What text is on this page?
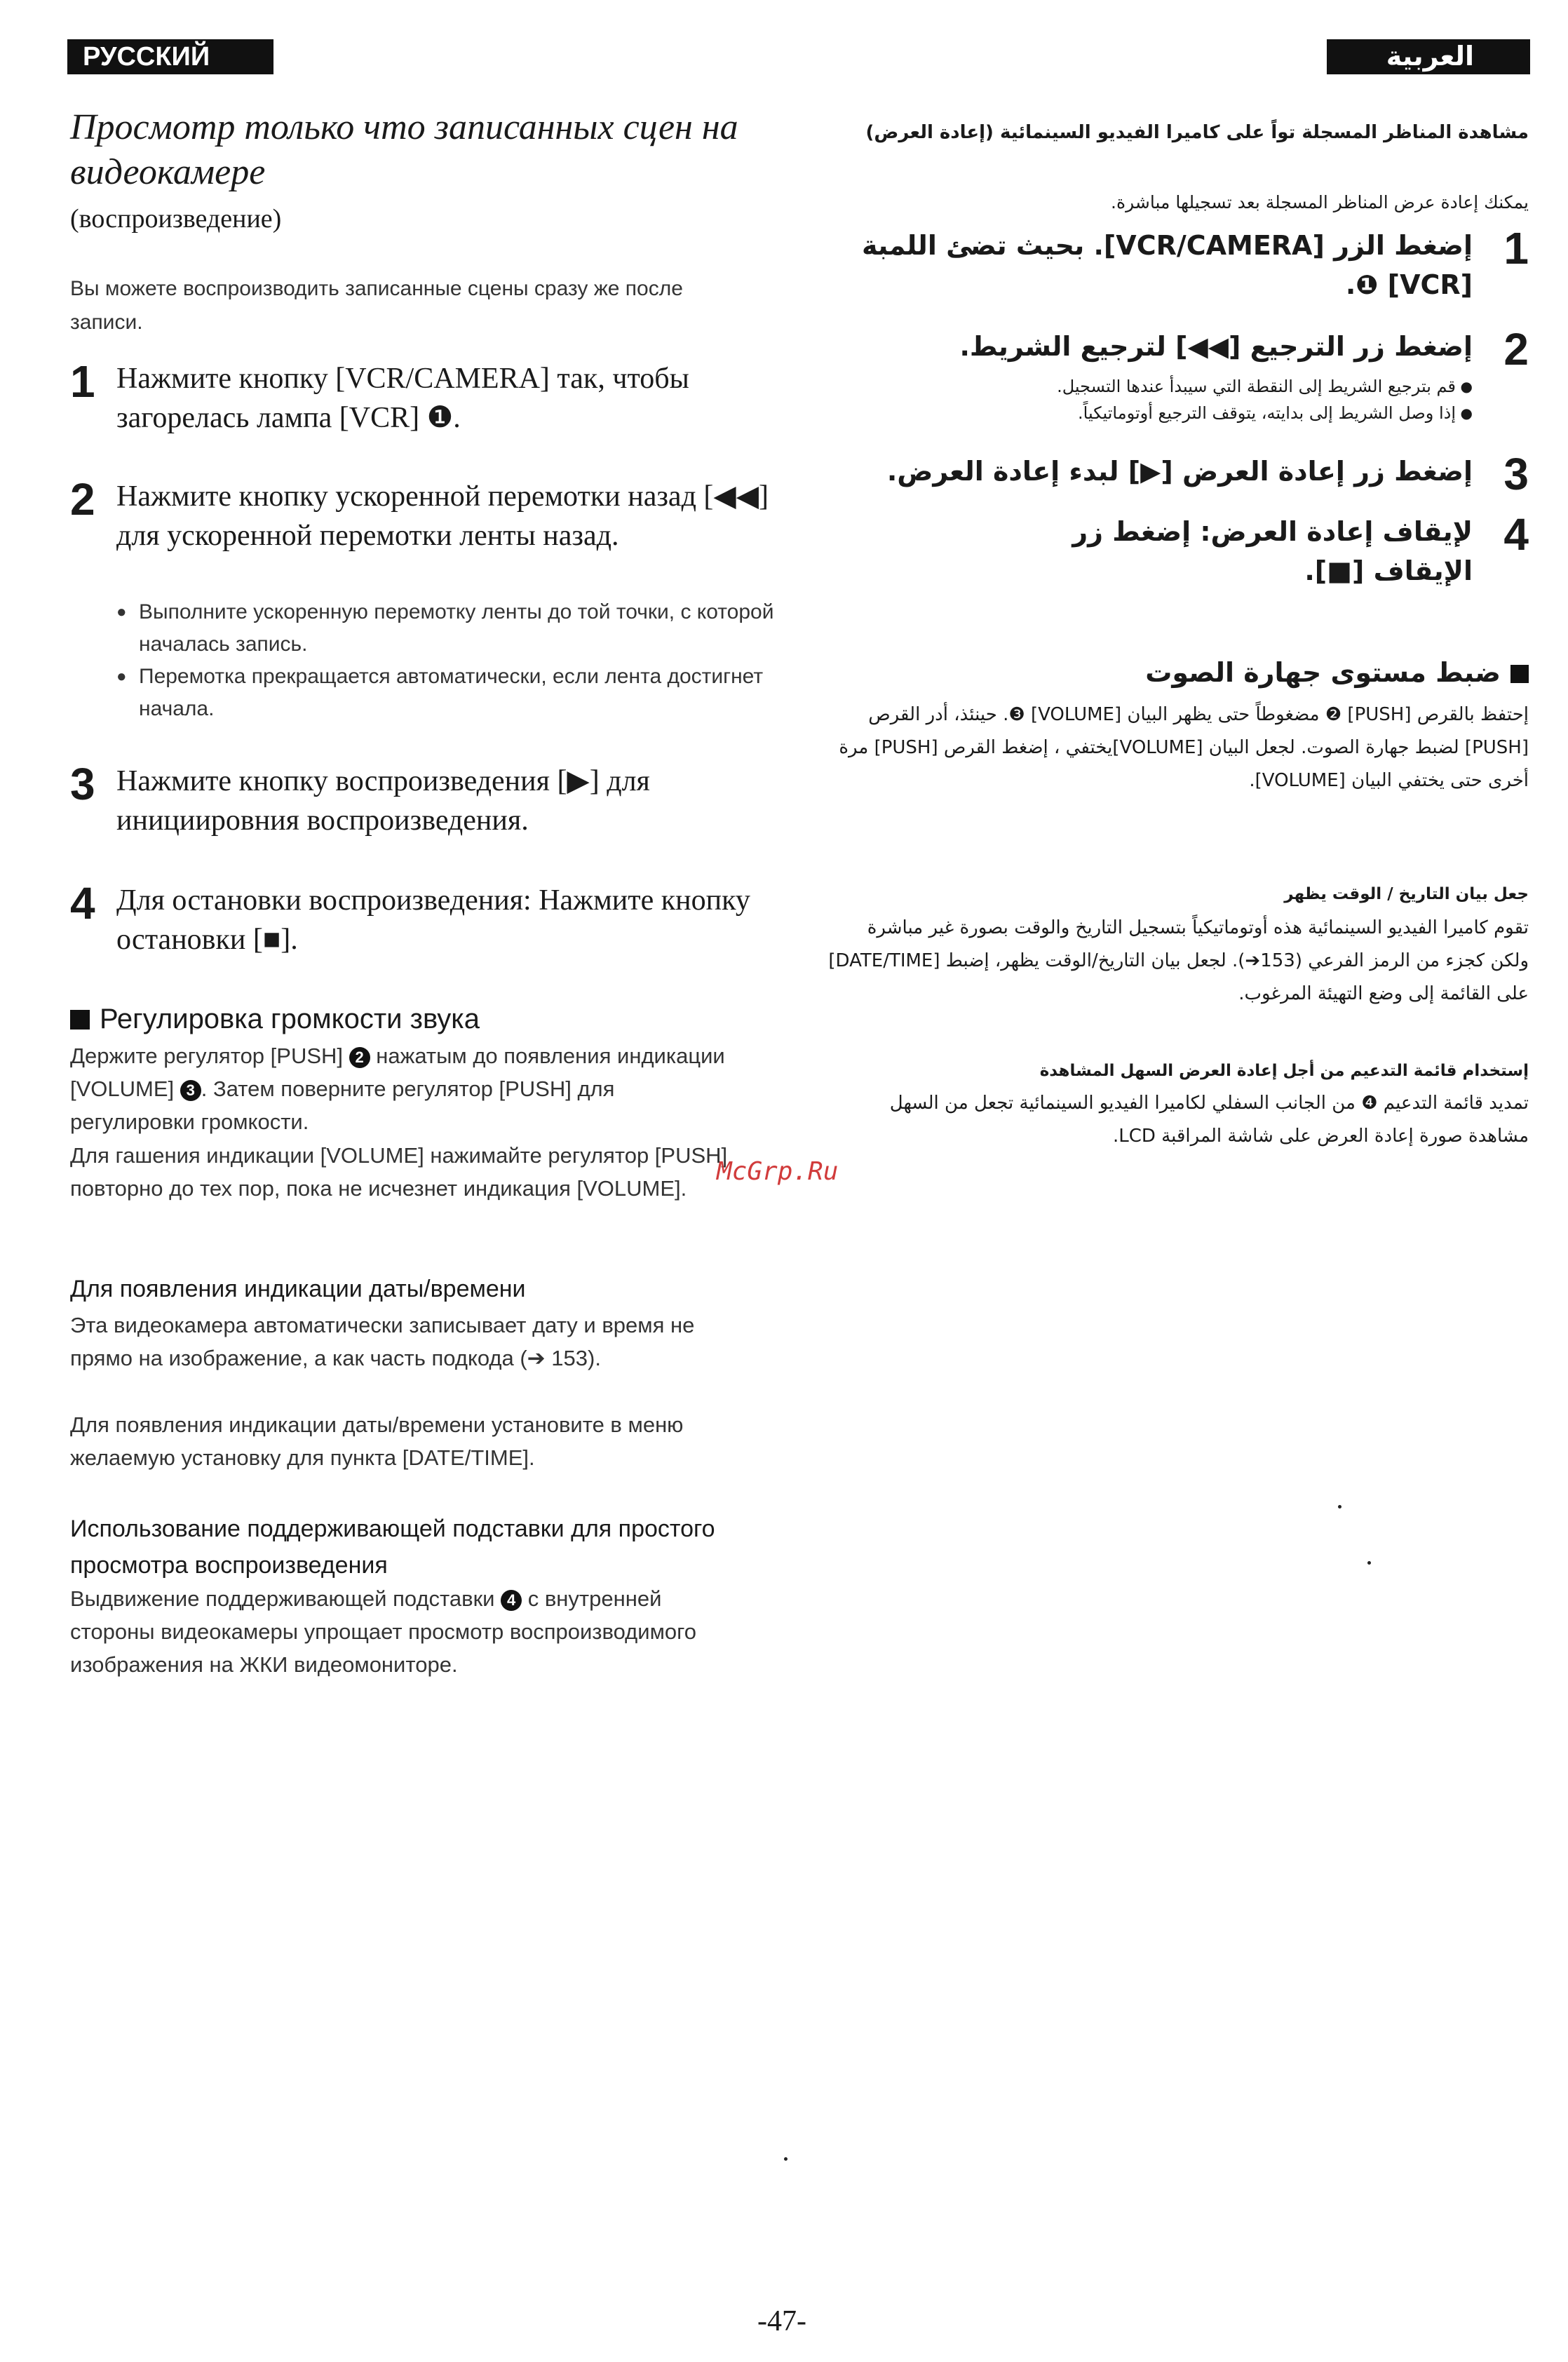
РУССКИЙ ЯЗЫК
العربية
Просмотр только что записанных сцен на видеокамере
(воспроизведение)
Вы можете воспроизводить записанные сцены сразу же после записи.
1 Нажмите кнопку [VCR/CAMERA] так, чтобы загорелась лампа [VCR] ❶.
2 Нажмите кнопку ускоренной перемотки назад [◀◀] для ускоренной перемотки ленты назад.
● Выполните ускоренную перемотку ленты до той точки, с которой началась запись.
● Перемотка прекращается автоматически, если лента достигнет начала.
3 Нажмите кнопку воспроизведения [▶] для инициировния воспроизведения.
4 Для остановки воспроизведения: Нажмите кнопку остановки [■].
Регулировка громкости звука
Держите регулятор [PUSH] 2 нажатым до появления индикации [VOLUME] 3 . Затем поверните регулятор [PUSH] для регулировки громкости.
Для гашения индикации [VOLUME] нажимайте регулятор [PUSH] повторно до тех пор, пока не исчезнет индикация [VOLUME].
Для появления индикации даты/времени
Эта видеокамера автоматически записывает дату и время не прямо на изображение, а как часть подкода (➔ 153).
Для появления индикации даты/времени установите в меню желаемую установку для пункта [DATE/TIME].
Использование поддерживающей подставки для простого просмотра воспроизведения
Выдвижение поддерживающей подставки 4 с внутренней стороны видеокамеры упрощает просмотр воспроизводимого изображения на ЖКИ видеомониторе.
مشاهدة المناظر المسجلة تواً على كاميرا الفيديو السينمائية (إعادة العرض)
يمكنك إعادة عرض المناظر المسجلة بعد تسجيلها مباشرة.
1
إضغط الزر [VCR/CAMERA]. بحيث تضئ اللمبة [VCR] ❶.
2
إضغط زر الترجيع [◀◀] لترجيع الشريط.
● قم بترجيع الشريط إلى النقطة التي سيبدأ عندها التسجيل.
● إذا وصل الشريط إلى بدايته، يتوقف الترجيع أوتوماتيكياً.
3
إضغط زر إعادة العرض [▶] لبدء إعادة العرض.
4
لإيقاف إعادة العرض: إضغط زر الإيقاف [■].
ضبط مستوى جهارة الصوت
إحتفظ بالقرص [PUSH] ❷ مضغوطاً حتى يظهر البيان [VOLUME] ❸. حينئذ، أدر القرص [PUSH] لضبط جهارة الصوت. لجعل البيان [VOLUME]يختفي ، إضغط القرص [PUSH] مرة أخرى حتى يختفي البيان [VOLUME].
جعل بيان التاريخ / الوقت يظهر
تقوم كاميرا الفيديو السينمائية هذه أوتوماتيكياً بتسجيل التاريخ والوقت بصورة غير مباشرة ولكن كجزء من الرمز الفرعي (153➔). لجعل بيان التاريخ/الوقت يظهر، إضبط [DATE/TIME] على القائمة إلى وضع التهيئة المرغوب.
إستخدام قائمة التدعيم من أجل إعادة العرض السهل المشاهدة
تمديد قائمة التدعيم ❹ من الجانب السفلي لكاميرا الفيديو السينمائية تجعل من السهل مشاهدة صورة إعادة العرض على شاشة المراقبة LCD.
McGrp.Ru
-47-
